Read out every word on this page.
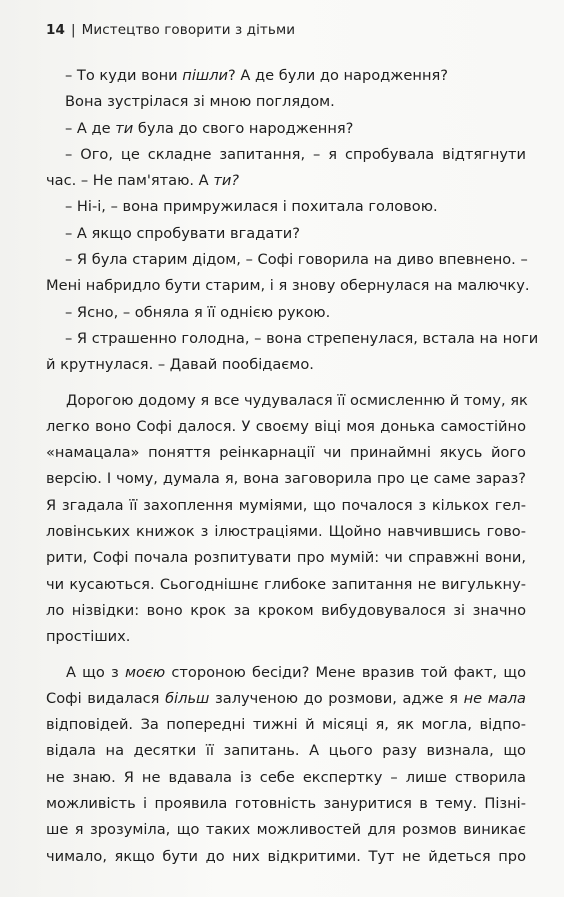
14 | Мистецтво говорити з дітьми
– То куди вони пішли? А де були до народження?
Вона зустрілася зі мною поглядом.
– А де ти була до свого народження?
– Ого, це складне запитання, – я спробувала відтягнути
час. – Не пам'ятаю. А ти?
– Ні-і, – вона примружилася і похитала головою.
– А якщо спробувати вгадати?
– Я була старим дідом, – Софі говорила на диво впевнено. –
Мені набридло бути старим, і я знову обернулася на малючку.
– Ясно, – обняла я її однією рукою.
– Я страшенно голодна, – вона стрепенулася, встала на ноги
й крутнулася. – Давай пообідаємо.
Дорогою додому я все чудувалася її осмисленню й тому, як
легко воно Софі далося. У своєму віці моя донька самостійно
«намацала» поняття реінкарнації чи принаймні якусь його
версію. І чому, думала я, вона заговорила про це саме зараз?
Я згадала її захоплення муміями, що почалося з кількох гел-
ловінських книжок з ілюстраціями. Щойно навчившись гово-
рити, Софі почала розпитувати про мумій: чи справжні вони,
чи кусаються. Сьогоднішнє глибоке запитання не вигулькну-
ло нізвідки: воно крок за кроком вибудовувалося зі значно
простіших.
А що з моєю стороною бесіди? Мене вразив той факт, що
Софі видалася більш залученою до розмови, адже я не мала
відповідей. За попередні тижні й місяці я, як могла, відпо-
відала на десятки її запитань. А цього разу визнала, що
не знаю. Я не вдавала із себе експертку – лише створила
можливість і проявила готовність зануритися в тему. Пізні-
ше я зрозуміла, що таких можливостей для розмов виникає
чимало, якщо бути до них відкритими. Тут не йдеться про
